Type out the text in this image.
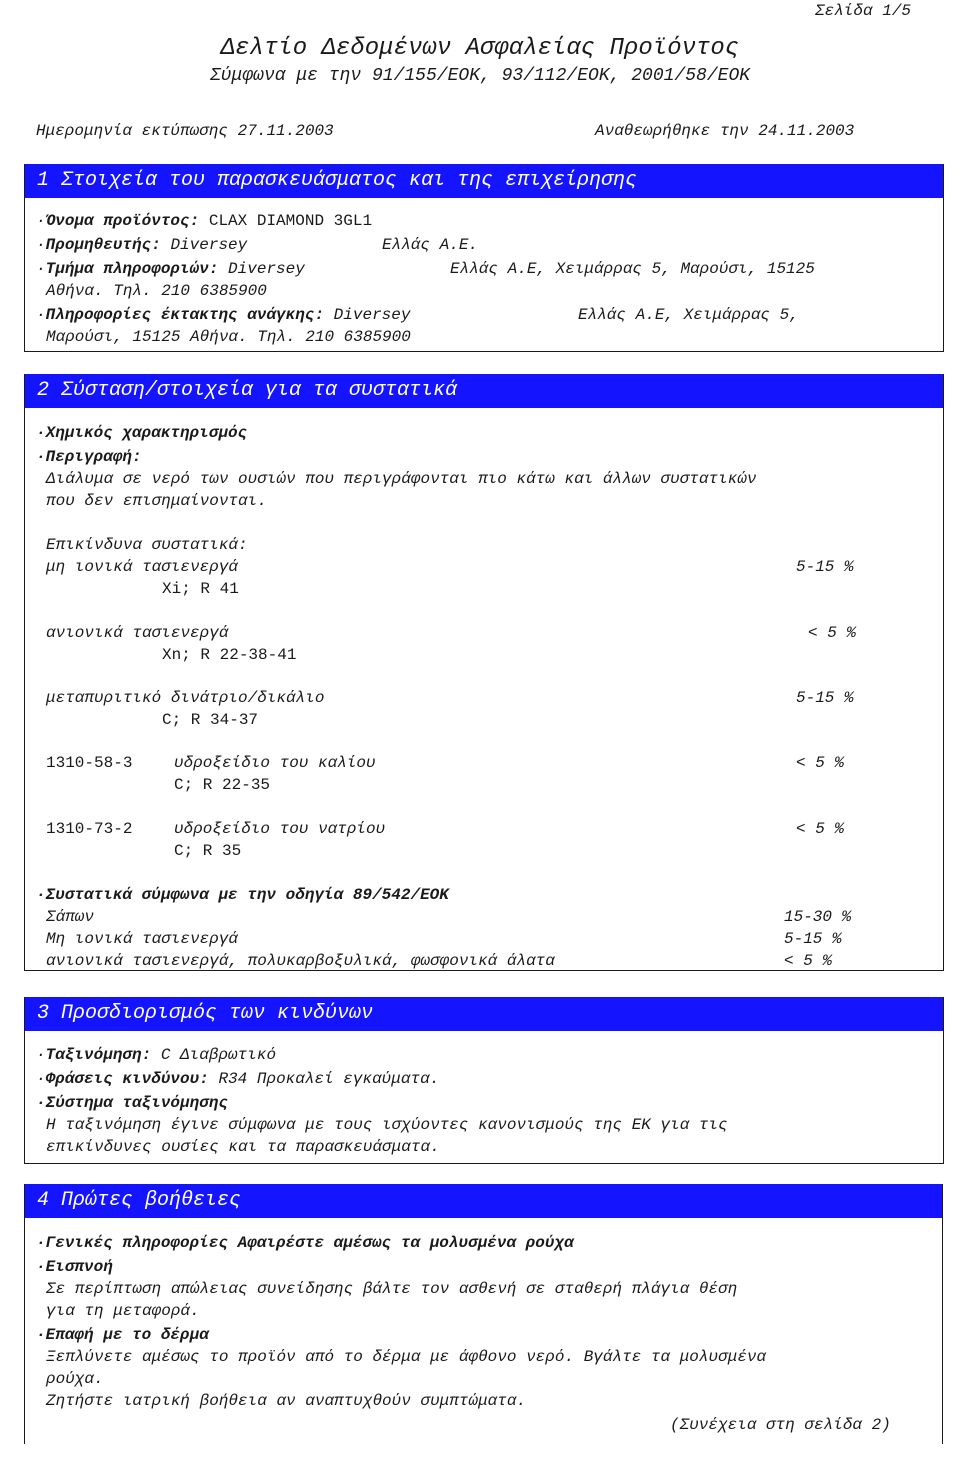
Σελίδα 1/5
Δελτίο Δεδομένων Ασφαλείας Προϊόντος
Σύμφωνα με την 91/155/ΕΟΚ, 93/112/ΕΟΚ, 2001/58/ΕΟΚ
Ημερομηνία εκτύπωσης 27.11.2003	Αναθεωρήθηκε την 24.11.2003
1 Στοιχεία του παρασκευάσματος και της επιχείρησης
·Όνομα προϊόντος: CLAX DIAMOND 3GL1
·Προμηθευτής: Diversey	Ελλάς Α.Ε.
·Τμήμα πληροφοριών: Diversey	Ελλάς Α.Ε, Χειμάρρας 5, Μαρούσι, 15125
Αθήνα. Τηλ. 210 6385900
·Πληροφορίες έκτακτης ανάγκης: Diversey	Ελλάς Α.Ε, Χειμάρρας 5,
Μαρούσι, 15125 Αθήνα. Τηλ. 210 6385900
2 Σύσταση/στοιχεία για τα συστατικά
·Χημικός χαρακτηρισμός
·Περιγραφή:
Διάλυμα σε νερό των ουσιών που περιγράφονται πιο κάτω και άλλων συστατικών
που δεν επισημαίνονται.
Επικίνδυνα συστατικά:
μη ιονικά τασιενεργά	5-15 %
Xi; R 41
ανιονικά τασιενεργά	< 5 %
Xn; R 22-38-41
μεταπυριτικό δινάτριο/δικάλιο	5-15 %
C; R 34-37
1310-58-3	υδροξείδιο του καλίου	< 5 %
C; R 22-35
1310-73-2	υδροξείδιο του νατρίου	< 5 %
C; R 35
·Συστατικά σύμφωνα με την οδηγία 89/542/ΕΟΚ
Σάπων	15-30 %
Μη ιονικά τασιενεργά	5-15 %
ανιονικά τασιενεργά, πολυκαρβοξυλικά, φωσφονικά άλατα	< 5 %
3 Προσδιορισμός των κινδύνων
·Ταξινόμηση: C Διαβρωτικό
·Φράσεις κινδύνου: R34 Προκαλεί εγκαύματα.
·Σύστημα ταξινόμησης
Η ταξινόμηση έγινε σύμφωνα με τους ισχύοντες κανονισμούς της ΕΚ για τις
επικίνδυνες ουσίες και τα παρασκευάσματα.
4 Πρώτες βοήθειες
·Γενικές πληροφορίες Αφαιρέστε αμέσως τα μολυσμένα ρούχα
·Εισπνοή
Σε περίπτωση απώλειας συνείδησης βάλτε τον ασθενή σε σταθερή πλάγια θέση
για τη μεταφορά.
·Επαφή με το δέρμα
Ξεπλύνετε αμέσως το προϊόν από το δέρμα με άφθονο νερό. Βγάλτε τα μολυσμένα
ρούχα.
Ζητήστε ιατρική βοήθεια αν αναπτυχθούν συμπτώματα.
(Συνέχεια στη σελίδα 2)
